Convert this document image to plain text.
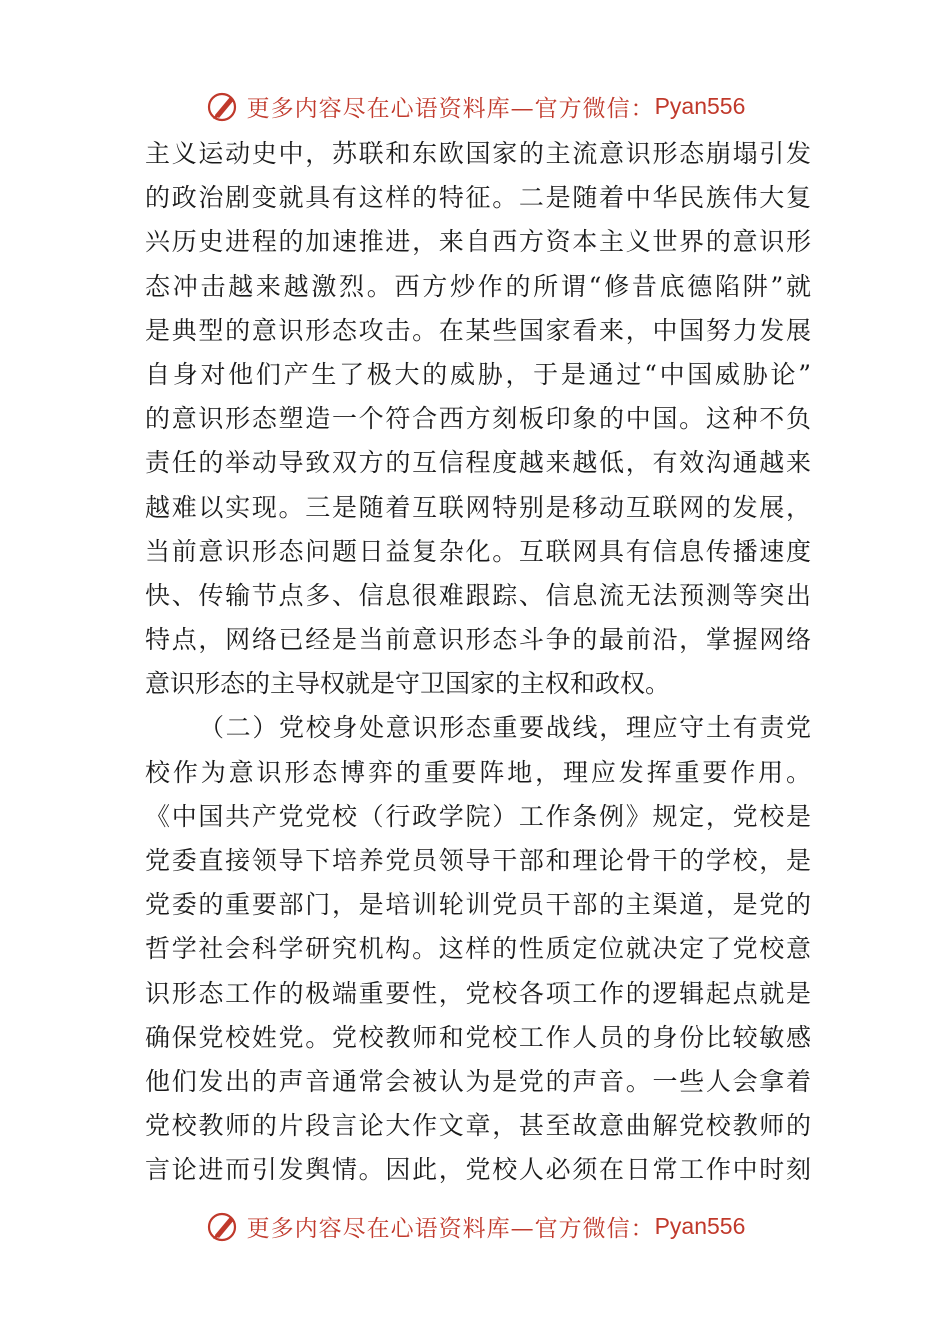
更多内容尽在心语资料库—官方微信： Pyan556
主义运动史中，苏联和东欧国家的主流意识形态崩塌引发
的政治剧变就具有这样的特征。二是随着中华民族伟大复
兴历史进程的加速推进，来自西方资本主义世界的意识形
态冲击越来越激烈。西方炒作的所谓“修昔底德陷阱”就
是典型的意识形态攻击。在某些国家看来，中国努力发展
自身对他们产生了极大的威胁，于是通过“中国威胁论”
的意识形态塑造一个符合西方刻板印象的中国。这种不负
责任的举动导致双方的互信程度越来越低，有效沟通越来
越难以实现。三是随着互联网特别是移动互联网的发展，
当前意识形态问题日益复杂化。互联网具有信息传播速度
快、传输节点多、信息很难跟踪、信息流无法预测等突出
特点，网络已经是当前意识形态斗争的最前沿，掌握网络
意识形态的主导权就是守卫国家的主权和政权。
（二）党校身处意识形态重要战线，理应守土有责党
校作为意识形态博弈的重要阵地，理应发挥重要作用。
《中国共产党党校（行政学院）工作条例》规定，党校是
党委直接领导下培养党员领导干部和理论骨干的学校，是
党委的重要部门，是培训轮训党员干部的主渠道，是党的
哲学社会科学研究机构。这样的性质定位就决定了党校意
识形态工作的极端重要性，党校各项工作的逻辑起点就是
确保党校姓党。党校教师和党校工作人员的身份比较敏感
他们发出的声音通常会被认为是党的声音。一些人会拿着
党校教师的片段言论大作文章，甚至故意曲解党校教师的
言论进而引发舆情。因此，党校人必须在日常工作中时刻
更多内容尽在心语资料库—官方微信： Pyan556
